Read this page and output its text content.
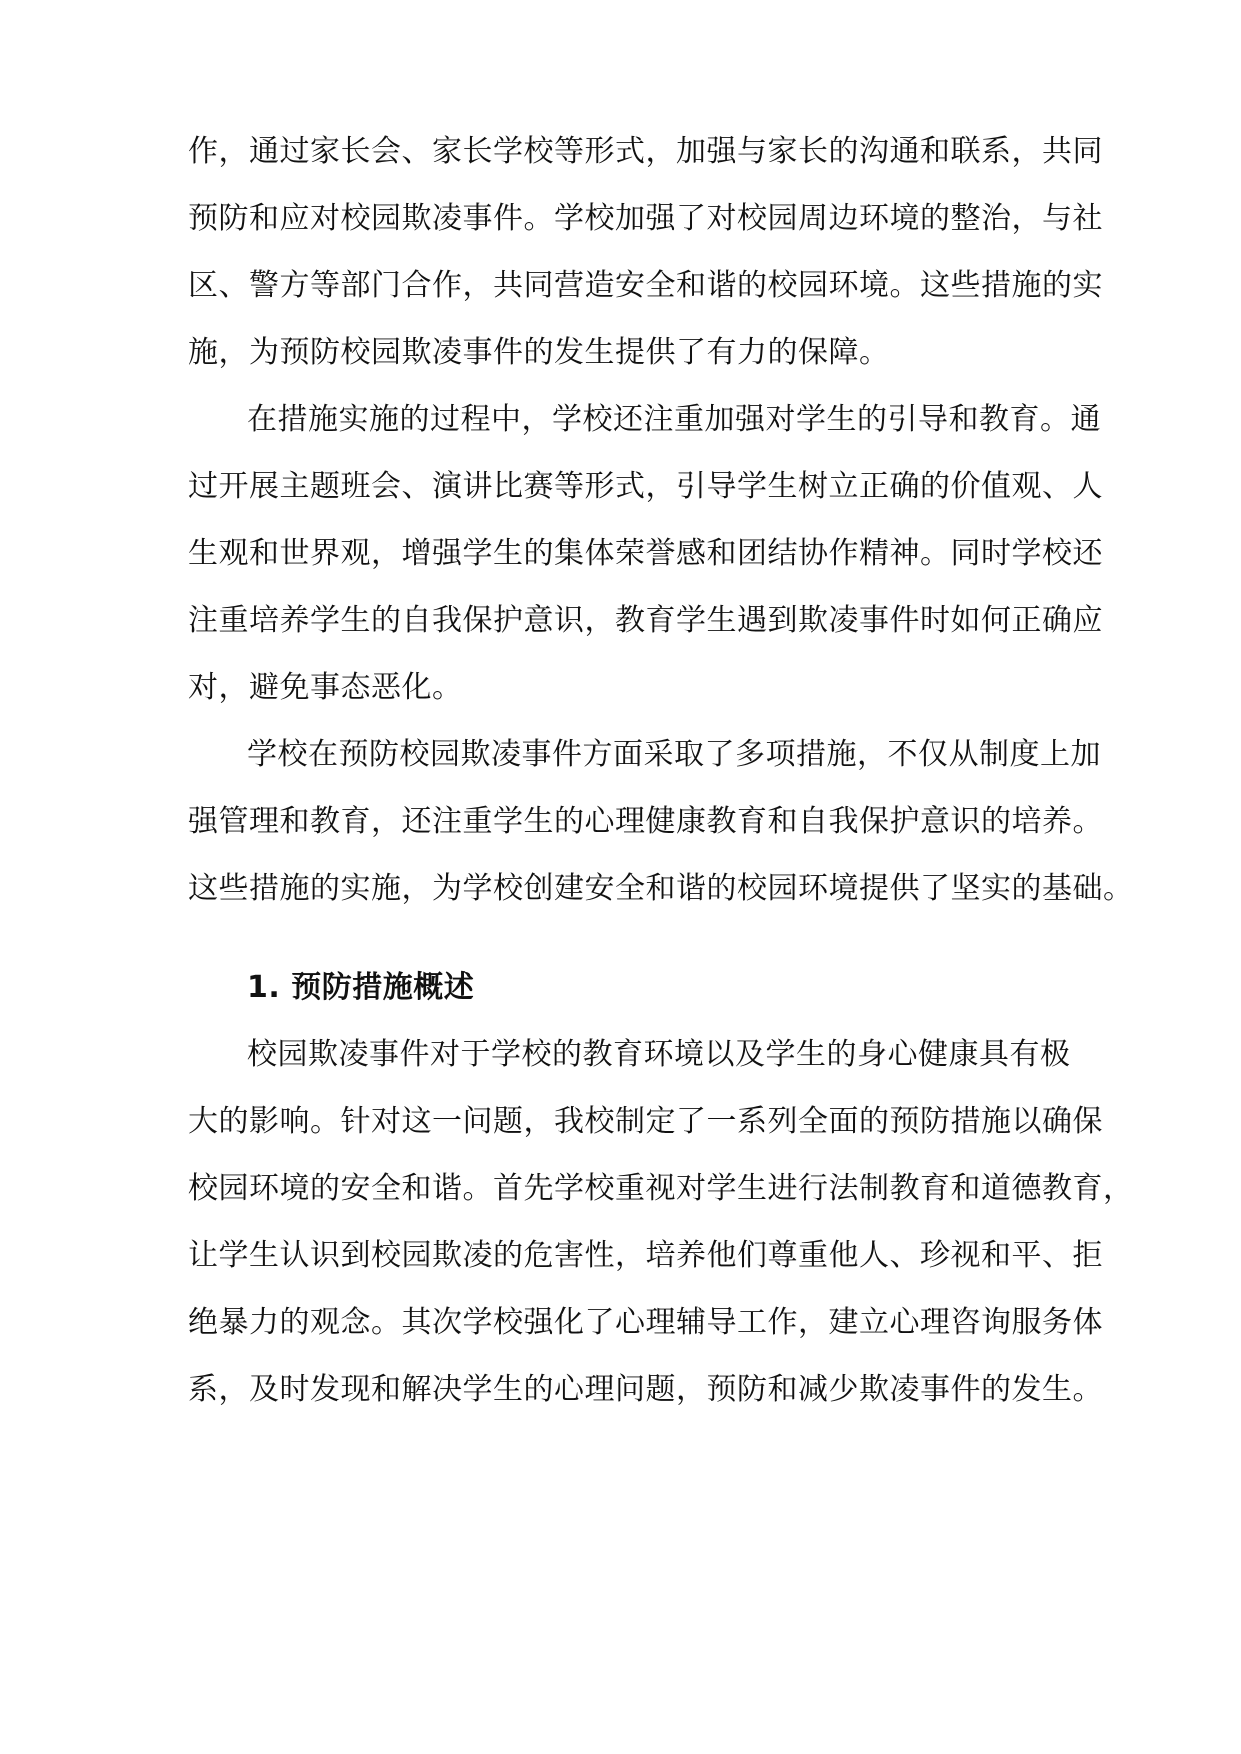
作，通过家长会、家长学校等形式，加强与家长的沟通和联系，共同

预防和应对校园欺凌事件。学校加强了对校园周边环境的整治，与社

区、警方等部门合作，共同营造安全和谐的校园环境。这些措施的实

施，为预防校园欺凌事件的发生提供了有力的保障。

在措施实施的过程中，学校还注重加强对学生的引导和教育。通

过开展主题班会、演讲比赛等形式，引导学生树立正确的价值观、人

生观和世界观，增强学生的集体荣誉感和团结协作精神。同时学校还

注重培养学生的自我保护意识，教育学生遇到欺凌事件时如何正确应

对，避免事态恶化。

学校在预防校园欺凌事件方面采取了多项措施，不仅从制度上加

强管理和教育，还注重学生的心理健康教育和自我保护意识的培养。

这些措施的实施，为学校创建安全和谐的校园环境提供了坚实的基础。

1. 预防措施概述

校园欺凌事件对于学校的教育环境以及学生的身心健康具有极

大的影响。针对这一问题，我校制定了一系列全面的预防措施以确保

校园环境的安全和谐。首先学校重视对学生进行法制教育和道德教育，

让学生认识到校园欺凌的危害性，培养他们尊重他人、珍视和平、拒

绝暴力的观念。其次学校强化了心理辅导工作，建立心理咨询服务体

系，及时发现和解决学生的心理问题，预防和减少欺凌事件的发生。
